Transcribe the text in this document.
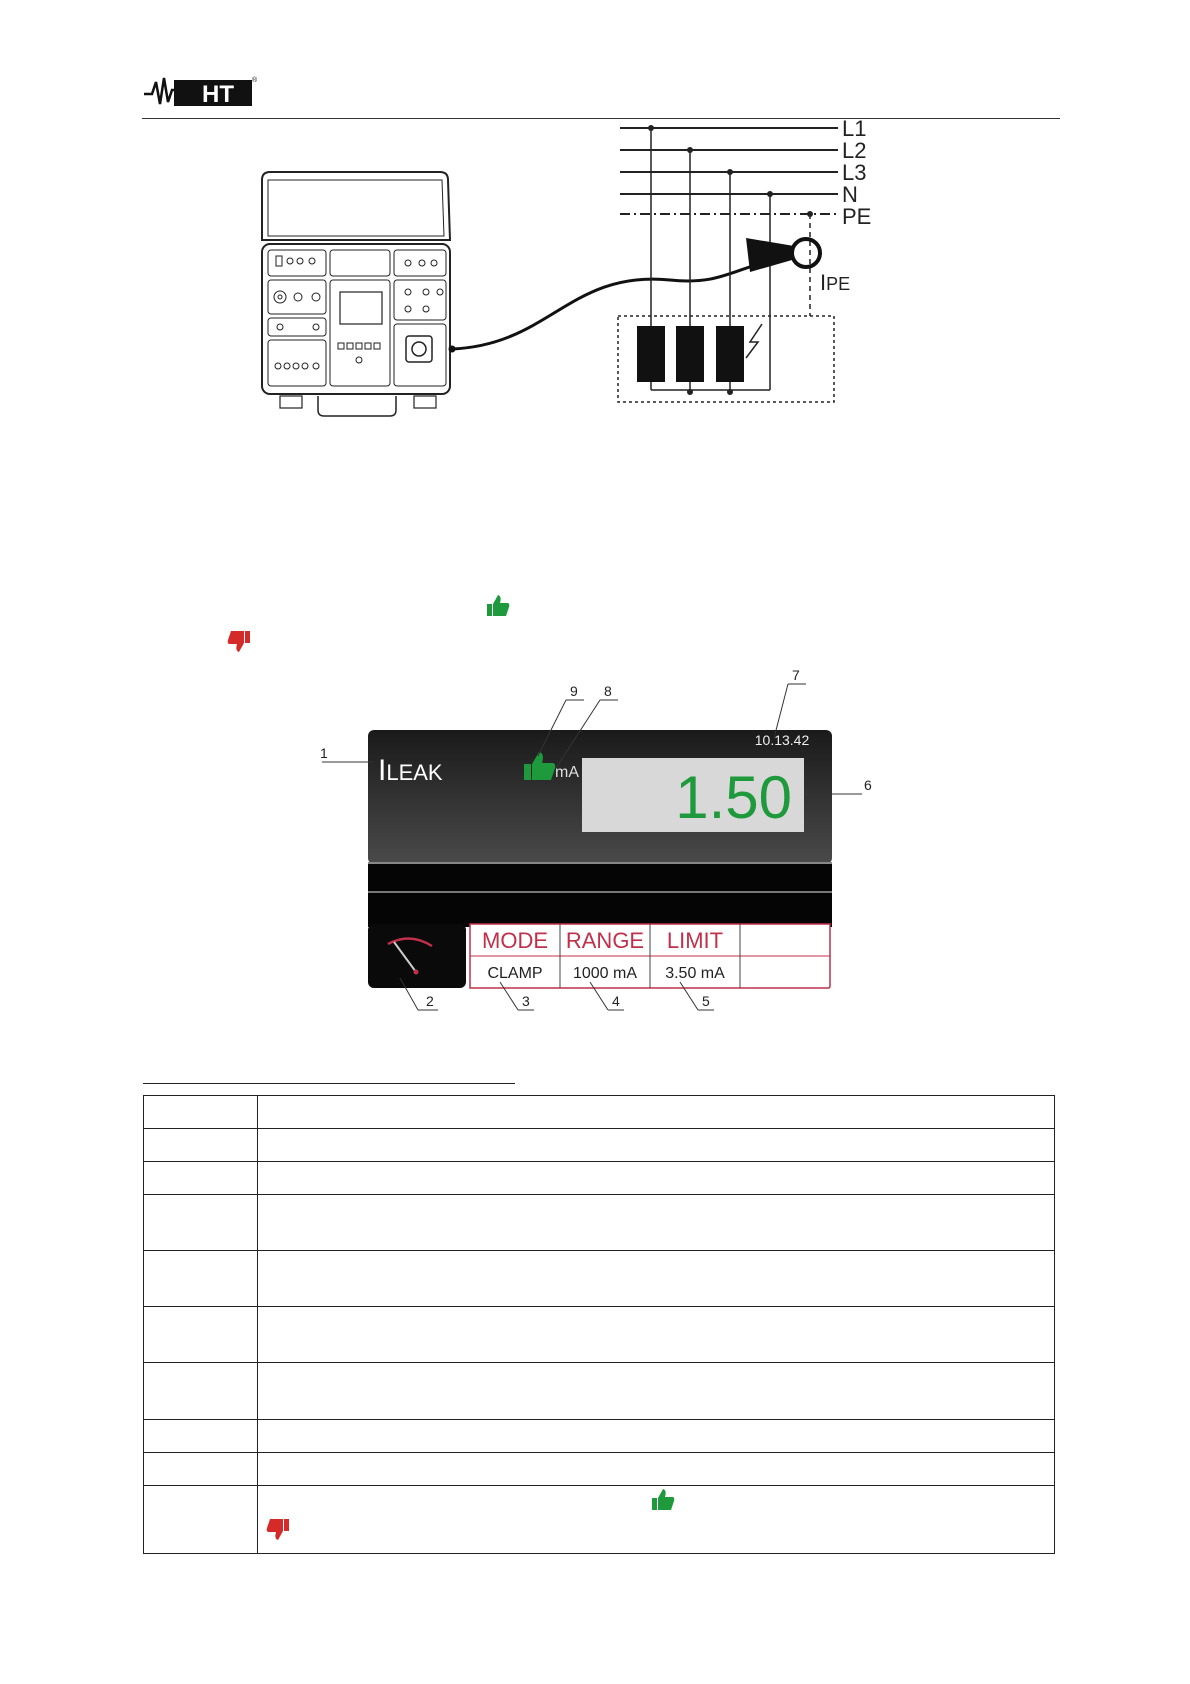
HT
®
L1
L2
L3
N
PE
IPE
ILEAK	mA
10.13.42
1.50
MODE RANGE LIMIT
CLAMP 1000 mA 3.50 mA
1
2	3	4	5
6
7
8
9
